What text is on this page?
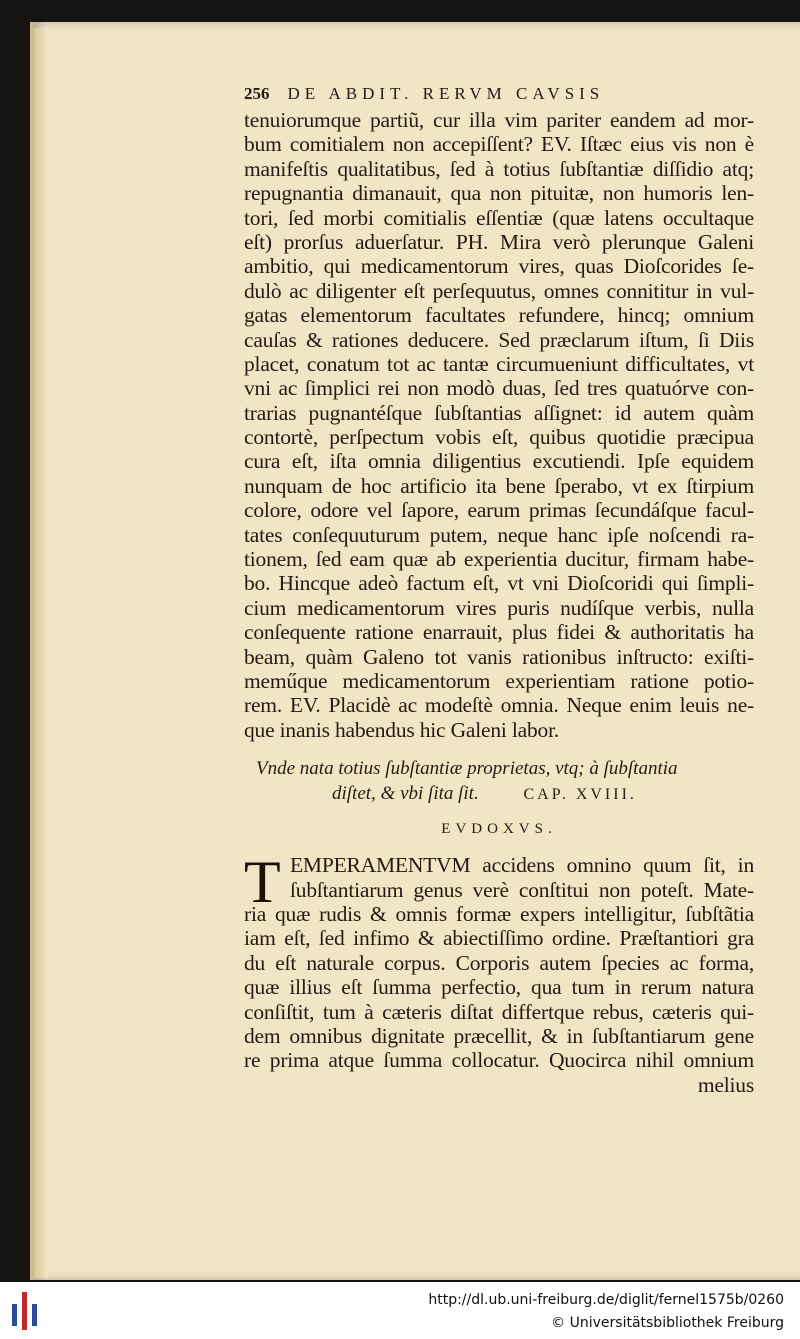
256 DE ABDIT. RERVM CAVSIS
tenuiorumque partiũ, cur illa vim pariter eandem ad mor-
bum comitialem non accepiſſent? EV. Iſtæc eius vis non è
manifeſtis qualitatibus, ſed à totius ſubſtantiæ diſſidio atq;
repugnantia dimanauit, qua non pituitæ, non humoris len-
tori, ſed morbi comitialis eſſentiæ (quæ latens occultaque
eſt) prorſus aduerſatur. PH. Mira verò plerunque Galeni
ambitio, qui medicamentorum vires, quas Dioſcorides ſe-
dulò ac diligenter eſt perſequutus, omnes connititur in vul-
gatas elementorum facultates refundere, hincq; omnium
cauſas & rationes deducere. Sed præclarum iſtum, ſi Diis
placet, conatum tot ac tantæ circumueniunt difficultates, vt
vni ac ſimplici rei non modò duas, ſed tres quatuórve con-
trarias pugnantéſque ſubſtantias aſſignet: id autem quàm
contortè, perſpectum vobis eſt, quibus quotidie præcipua
cura eſt, iſta omnia diligentius excutiendi. Ipſe equidem
nunquam de hoc artificio ita bene ſperabo, vt ex ſtirpium
colore, odore vel ſapore, earum primas ſecundáſque facul-
tates conſequuturum putem, neque hanc ipſe noſcendi ra-
tionem, ſed eam quæ ab experientia ducitur, firmam habe-
bo. Hincque adeò factum eſt, vt vni Dioſcoridi qui ſimpli-
cium medicamentorum vires puris nudíſque verbis, nulla
conſequente ratione enarrauit, plus fidei & authoritatis ha
beam, quàm Galeno tot vanis rationibus inſtructo: exiſti-
meműque medicamentorum experientiam ratione potio-
rem. EV. Placidè ac modeſtè omnia. Neque enim leuis ne-
que inanis habendus hic Galeni labor.
Vnde nata totius ſubſtantiæ proprietas, vtq; à ſubſtantia
diſtet, & vbi ſita ſit.	CAP. XVIII.
EVDOXVS.
T EMPERAMENTVM accidens omnino quum ſit, in
ſubſtantiarum genus verè conſtitui non poteſt. Mate-
ria quæ rudis & omnis formæ expers intelligitur, ſubſtãtia
iam eſt, ſed infimo & abiectiſſimo ordine. Præſtantiori gra
du eſt naturale corpus. Corporis autem ſpecies ac forma,
quæ illius eſt ſumma perfectio, qua tum in rerum natura
conſiſtit, tum à cæteris diſtat differtque rebus, cæteris qui-
dem omnibus dignitate præcellit, & in ſubſtantiarum gene
re prima atque ſumma collocatur. Quocirca nihil omnium
melius
http://dl.ub.uni-freiburg.de/diglit/fernel1575b/0260
© Universitätsbibliothek Freiburg
